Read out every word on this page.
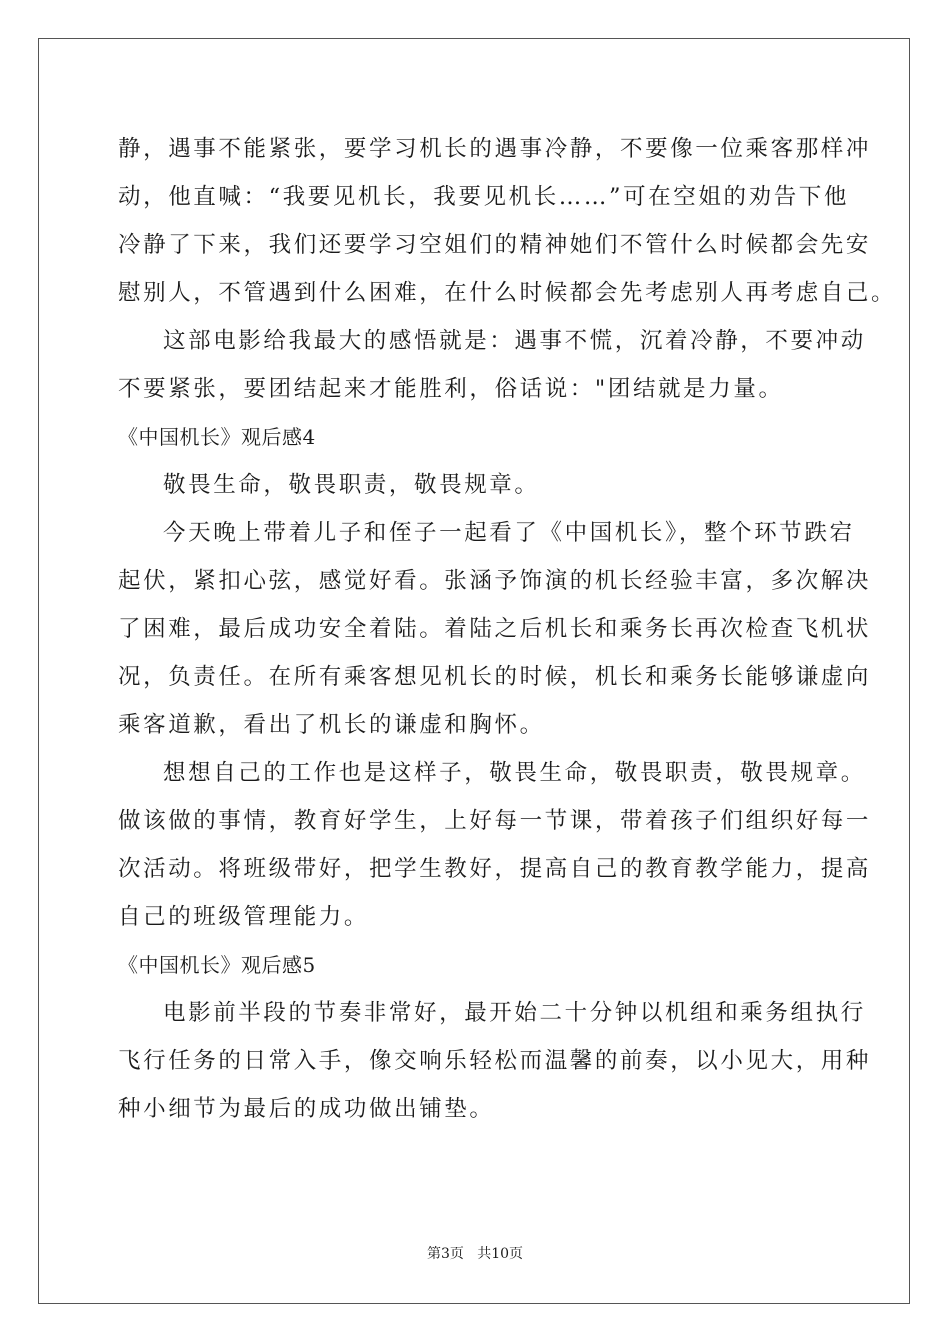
静，遇事不能紧张，要学习机长的遇事冷静，不要像一位乘客那样冲
动，他直喊：“我要见机长，我要见机长……”可在空姐的劝告下他
冷静了下来，我们还要学习空姐们的精神她们不管什么时候都会先安
慰别人，不管遇到什么困难，在什么时候都会先考虑别人再考虑自己。
这部电影给我最大的感悟就是：遇事不慌，沉着冷静，不要冲动
不要紧张，要团结起来才能胜利，俗话说："团结就是力量。
《中国机长》观后感4
敬畏生命，敬畏职责，敬畏规章。
今天晚上带着儿子和侄子一起看了《中国机长》，整个环节跌宕
起伏，紧扣心弦，感觉好看。张涵予饰演的机长经验丰富，多次解决
了困难，最后成功安全着陆。着陆之后机长和乘务长再次检查飞机状
况，负责任。在所有乘客想见机长的时候，机长和乘务长能够谦虚向
乘客道歉，看出了机长的谦虚和胸怀。
想想自己的工作也是这样子，敬畏生命，敬畏职责，敬畏规章。
做该做的事情，教育好学生，上好每一节课，带着孩子们组织好每一
次活动。将班级带好，把学生教好，提高自己的教育教学能力，提高
自己的班级管理能力。
《中国机长》观后感5
电影前半段的节奏非常好，最开始二十分钟以机组和乘务组执行
飞行任务的日常入手，像交响乐轻松而温馨的前奏，以小见大，用种
种小细节为最后的成功做出铺垫。
第3页   共10页
